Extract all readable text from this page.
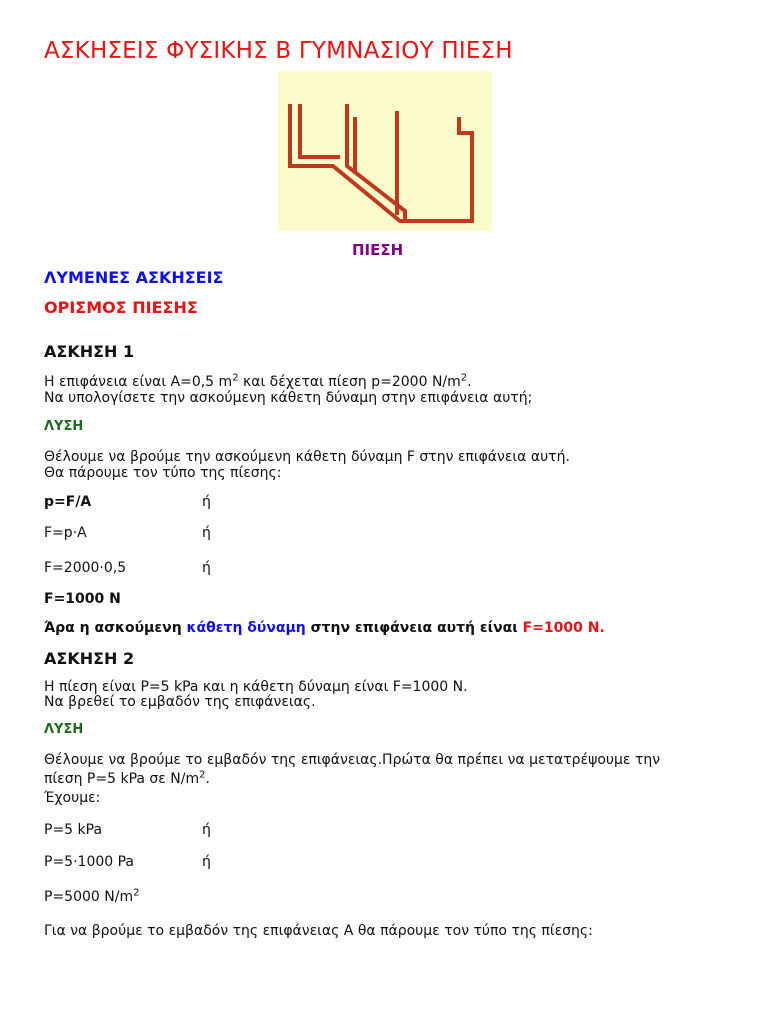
ΑΣΚΗΣΕΙΣ ΦΥΣΙΚΗΣ Β ΓΥΜΝΑΣΙΟΥ ΠΙΕΣΗ
ΠΙΕΣΗ
ΛΥΜΕΝΕΣ ΑΣΚΗΣΕΙΣ
ΟΡΙΣΜΟΣ ΠΙΕΣΗΣ
ΑΣΚΗΣΗ 1
Η επιφάνεια είναι A=0,5 $m^2$ και δέχεται πίεση p=2000 $N/m^2$.
Να υπολογίσετε την ασκούμενη κάθετη δύναμη στην επιφάνεια αυτή;
ΛΥΣΗ
Θέλουμε να βρούμε την ασκούμενη κάθετη δύναμη F στην επιφάνεια αυτή.
Θα πάρουμε τον τύπο της πίεσης:
p=F/A	ή
F=p·A	ή
F=2000·0,5	ή
F=1000 N
Άρα η ασκούμενη κάθετη δύναμη στην επιφάνεια αυτή είναι F=1000 N.
ΑΣΚΗΣΗ 2
Η πίεση είναι P=5 kPa και η κάθετη δύναμη είναι F=1000 N.
Να βρεθεί το εμβαδόν της επιφάνειας.
ΛΥΣΗ
Θέλουμε να βρούμε το εμβαδόν της επιφάνειας.Πρώτα θα πρέπει να μετατρέψουμε την
πίεση P=5 kPa σε $N/m^2$.
Έχουμε:
P=5 kPa	ή
P=5·1000 Pa	ή
P=5000 $N/m^2$
Για να βρούμε το εμβαδόν της επιφάνειας A θα πάρουμε τον τύπο της πίεσης:
